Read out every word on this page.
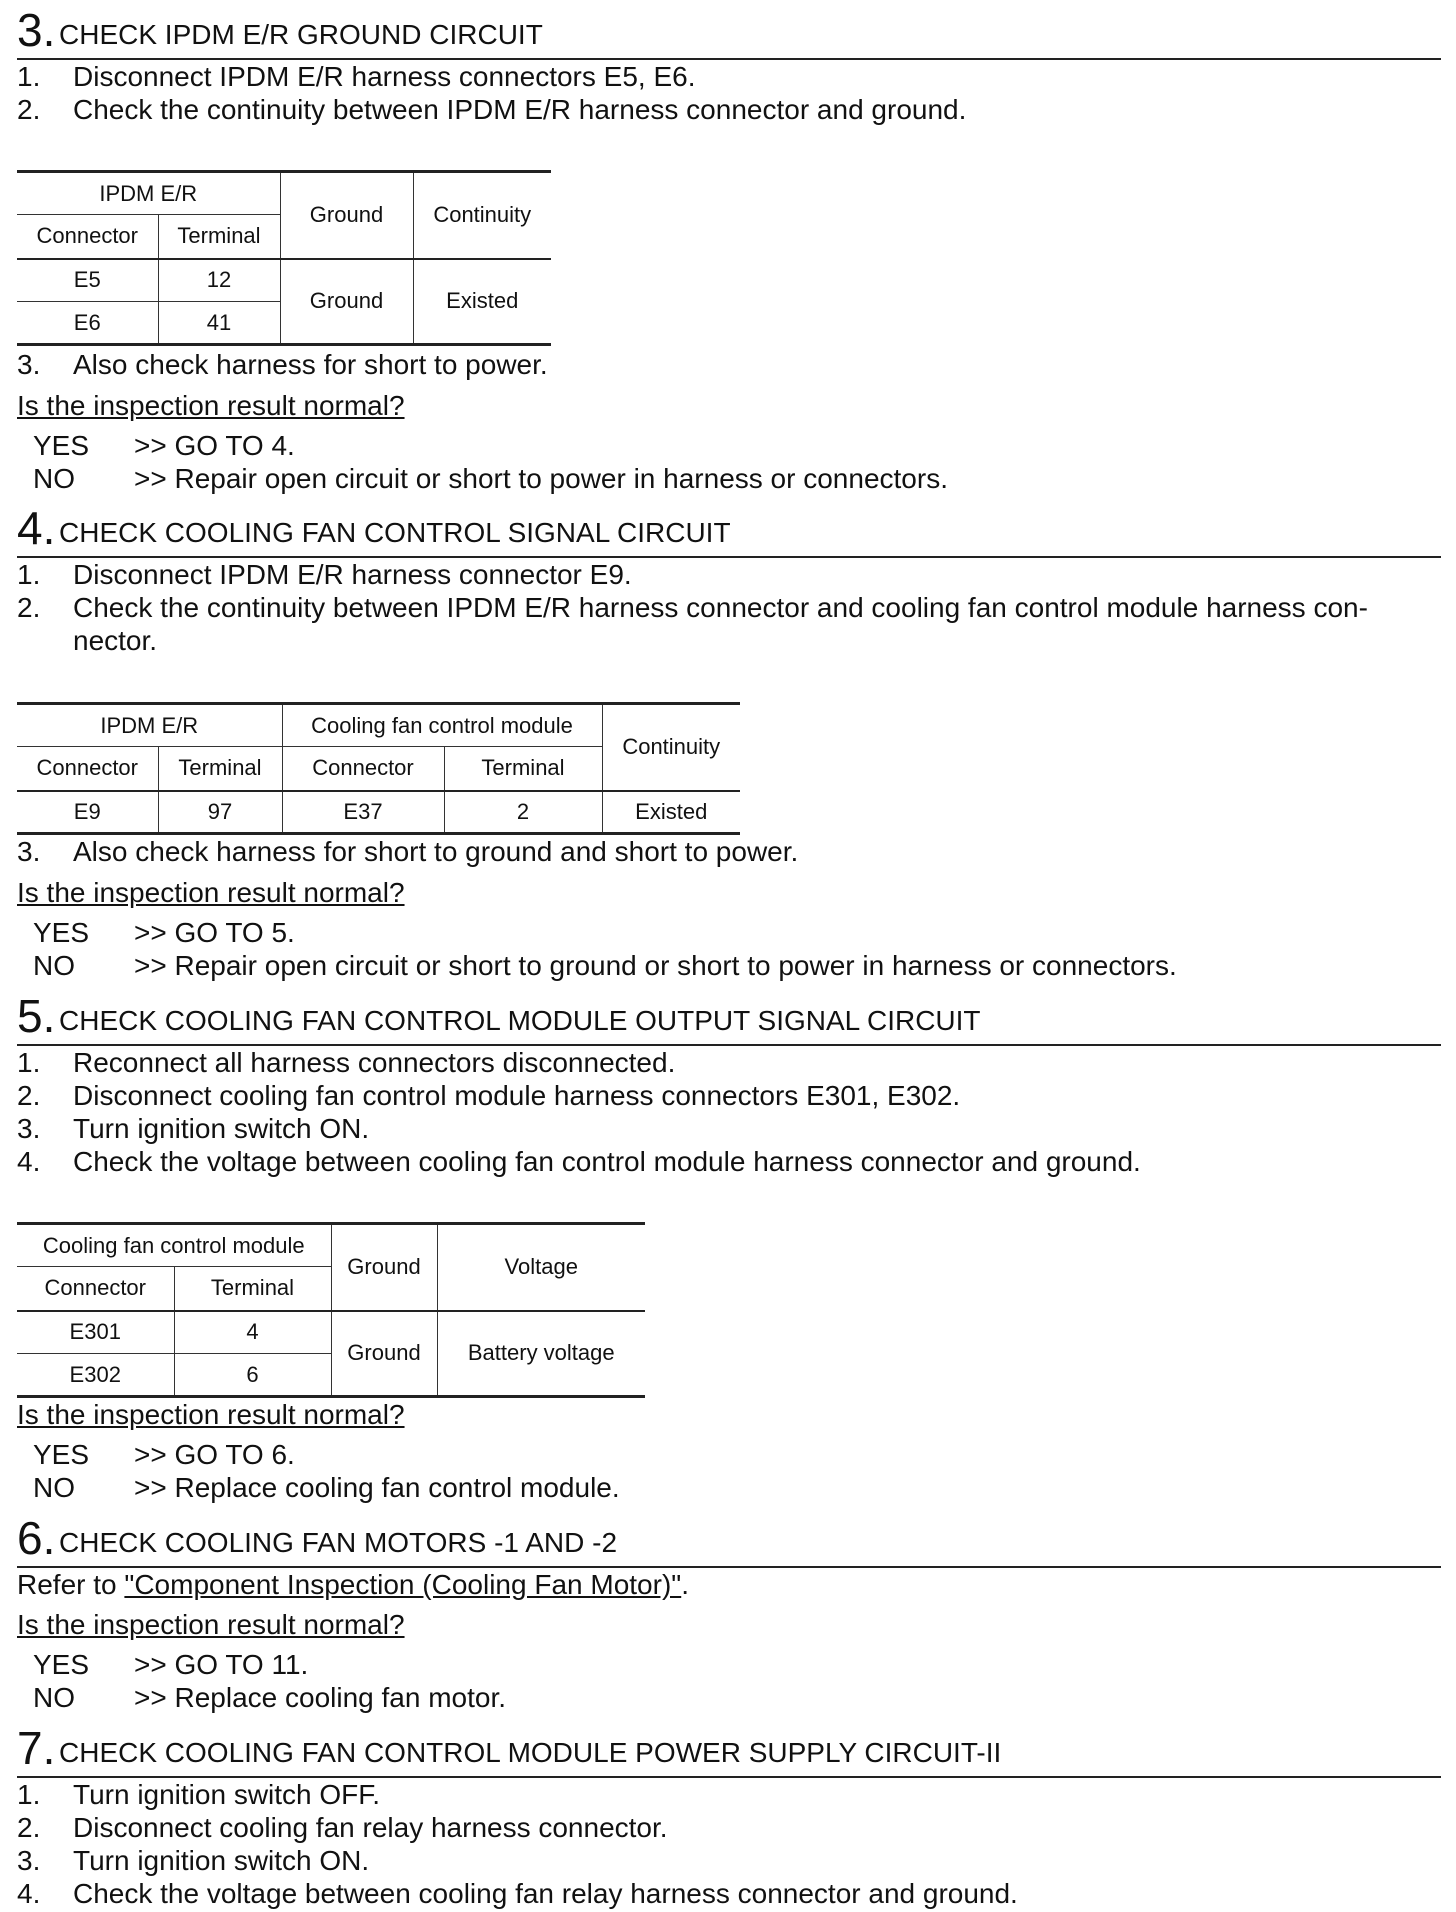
3. CHECK IPDM E/R GROUND CIRCUIT
1. Disconnect IPDM E/R harness connectors E5, E6.
2. Check the continuity between IPDM E/R harness connector and ground.
IPDM E/R		Ground	Continuity
Connector	Terminal		
E5	12	Ground	Existed
E6	41		
3. Also check harness for short to power.
Is the inspection result normal?
YES >> GO TO 4.
NO >> Repair open circuit or short to power in harness or connectors.
4. CHECK COOLING FAN CONTROL SIGNAL CIRCUIT
1. Disconnect IPDM E/R harness connector E9.
2. Check the continuity between IPDM E/R harness connector and cooling fan control module harness con-
nector.
IPDM E/R		Cooling fan control module		Continuity
Connector	Terminal	Connector	Terminal	
E9	97	E37	2	Existed
3. Also check harness for short to ground and short to power.
Is the inspection result normal?
YES >> GO TO 5.
NO >> Repair open circuit or short to ground or short to power in harness or connectors.
5. CHECK COOLING FAN CONTROL MODULE OUTPUT SIGNAL CIRCUIT
1. Reconnect all harness connectors disconnected.
2. Disconnect cooling fan control module harness connectors E301, E302.
3. Turn ignition switch ON.
4. Check the voltage between cooling fan control module harness connector and ground.
Cooling fan control module		Ground	Voltage
Connector	Terminal		
E301	4	Ground	Battery voltage
E302	6		
Is the inspection result normal?
YES >> GO TO 6.
NO >> Replace cooling fan control module.
6. CHECK COOLING FAN MOTORS -1 AND -2
Refer to "Component Inspection (Cooling Fan Motor)".
Is the inspection result normal?
YES >> GO TO 11.
NO >> Replace cooling fan motor.
7. CHECK COOLING FAN CONTROL MODULE POWER SUPPLY CIRCUIT-II
1. Turn ignition switch OFF.
2. Disconnect cooling fan relay harness connector.
3. Turn ignition switch ON.
4. Check the voltage between cooling fan relay harness connector and ground.
